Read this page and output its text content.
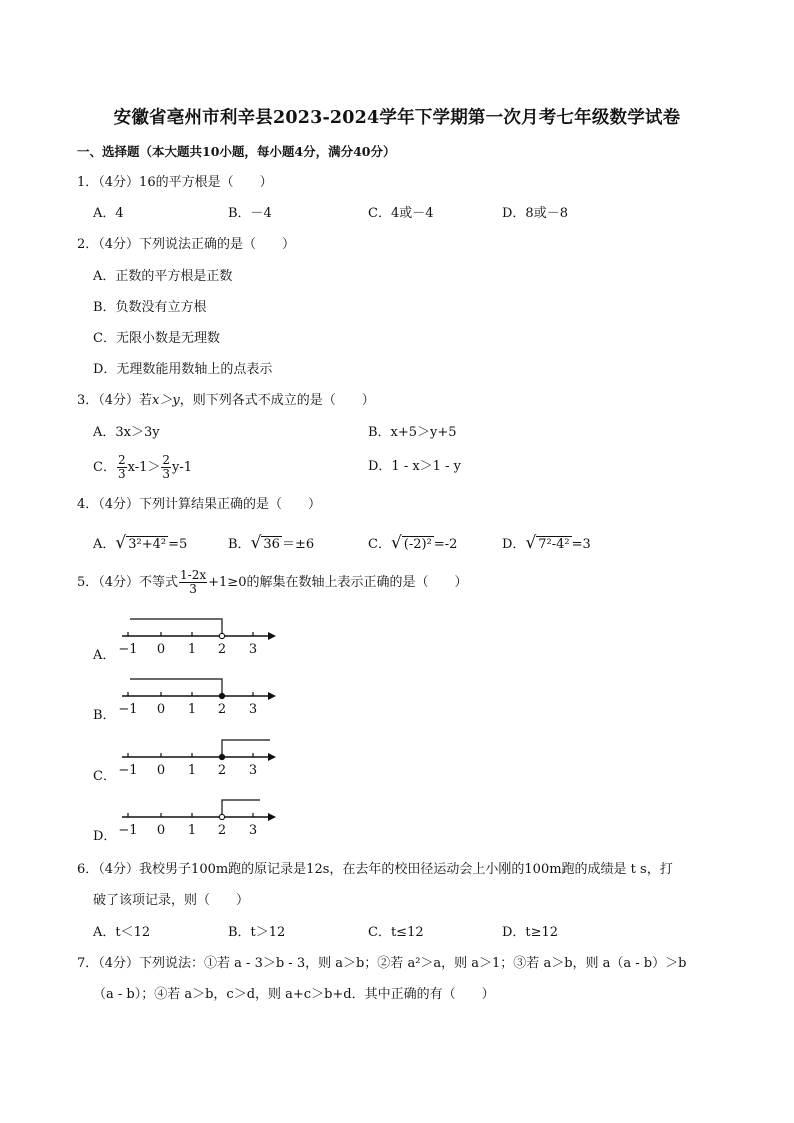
安徽省亳州市利辛县2023-2024学年下学期第一次月考七年级数学试卷
一、选择题（本大题共10小题，每小题4分，满分40分）
1．（4分）16的平方根是（　　）
A．4	B．－4	C．4或－4	D．8或－8
2．（4分）下列说法正确的是（　　）
A．正数的平方根是正数
B．负数没有立方根
C．无限小数是无理数
D．无理数能用数轴上的点表示
3．（4分）若x＞y，则下列各式不成立的是（　　）
A．3x＞3y	B．x+5＞y+5
C． $\frac{2}{3} x-1> \frac{2}{3} y-1$	D．1 - x＞1 - y
4．（4分）下列计算结果正确的是（　　）
A．√ 3²+4² =5	B．√ 36 ＝±6	C．√ (-2)² =-2	D．√ 7²-4² =3
5．（4分）不等式 $\frac{1-2x}{3} +1\ge 0$的解集在数轴上表示正确的是（　　）
A． −1	0	1	2	3
B． −1	0	1	2	3
C． −1	0	1	2	3
D． −1	0	1	2	3
6．（4分）我校男子100m跑的原记录是12s，在去年的校田径运动会上小刚的100m跑的成绩是 t s，打
破了该项记录，则（　　）
A．t＜12	B．t＞12	C．t≤12	D．t≥12
7．（4分）下列说法：①若 a - 3＞b - 3，则 a＞b；②若 a²＞a，则 a＞1；③若 a＞b，则 a（a - b）＞b
（a - b）；④若 a＞b，c＞d，则 a+c＞b+d．其中正确的有（　　）
